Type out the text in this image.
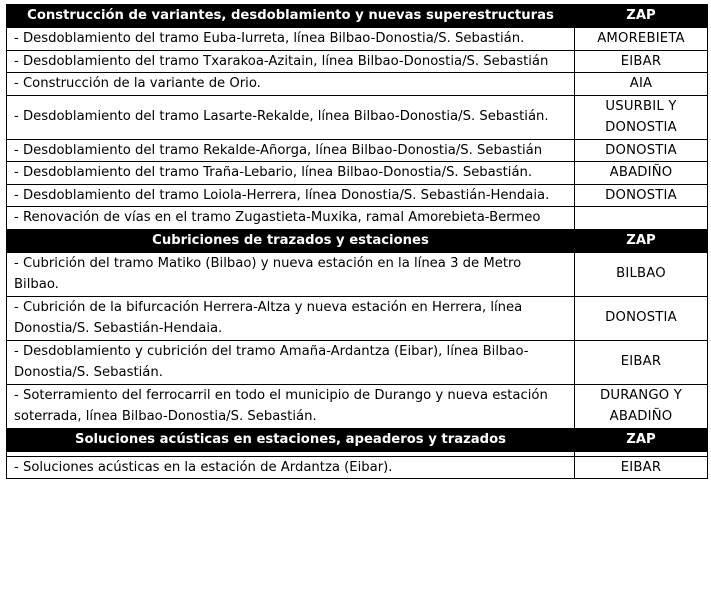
Construcción de variantes, desdoblamiento y nuevas superestructuras	ZAP
- Desdoblamiento del tramo Euba-Iurreta, línea Bilbao-Donostia/S. Sebastián.	AMOREBIETA
- Desdoblamiento del tramo Txarakoa-Azitain, línea Bilbao-Donostia/S. Sebastián	EIBAR
- Construcción de la variante de Orio.	AIA
- Desdoblamiento del tramo Lasarte-Rekalde, línea Bilbao-Donostia/S. Sebastián.	USURBIL Y DONOSTIA
- Desdoblamiento del tramo Rekalde-Añorga, línea Bilbao-Donostia/S. Sebastián	DONOSTIA
- Desdoblamiento del tramo Traña-Lebario, línea Bilbao-Donostia/S. Sebastián.	ABADIÑO
- Desdoblamiento del tramo Loiola-Herrera, línea Donostia/S. Sebastián-Hendaia.	DONOSTIA
- Renovación de vías en el tramo Zugastieta-Muxika, ramal Amorebieta-Bermeo	
Cubriciones de trazados y estaciones	ZAP
- Cubrición del tramo Matiko (Bilbao) y nueva estación en la línea 3 de Metro Bilbao.	BILBAO
- Cubrición de la bifurcación Herrera-Altza y nueva estación en Herrera, línea Donostia/S. Sebastián-Hendaia.	DONOSTIA
- Desdoblamiento y cubrición del tramo Amaña-Ardantza (Eibar), línea Bilbao-Donostia/S. Sebastián.	EIBAR
- Soterramiento del ferrocarril en todo el municipio de Durango y nueva estación soterrada, línea Bilbao-Donostia/S. Sebastián.	DURANGO Y ABADIÑO
Soluciones acústicas en estaciones, apeaderos y trazados	ZAP

- Soluciones acústicas en la estación de Ardantza (Eibar).	EIBAR
